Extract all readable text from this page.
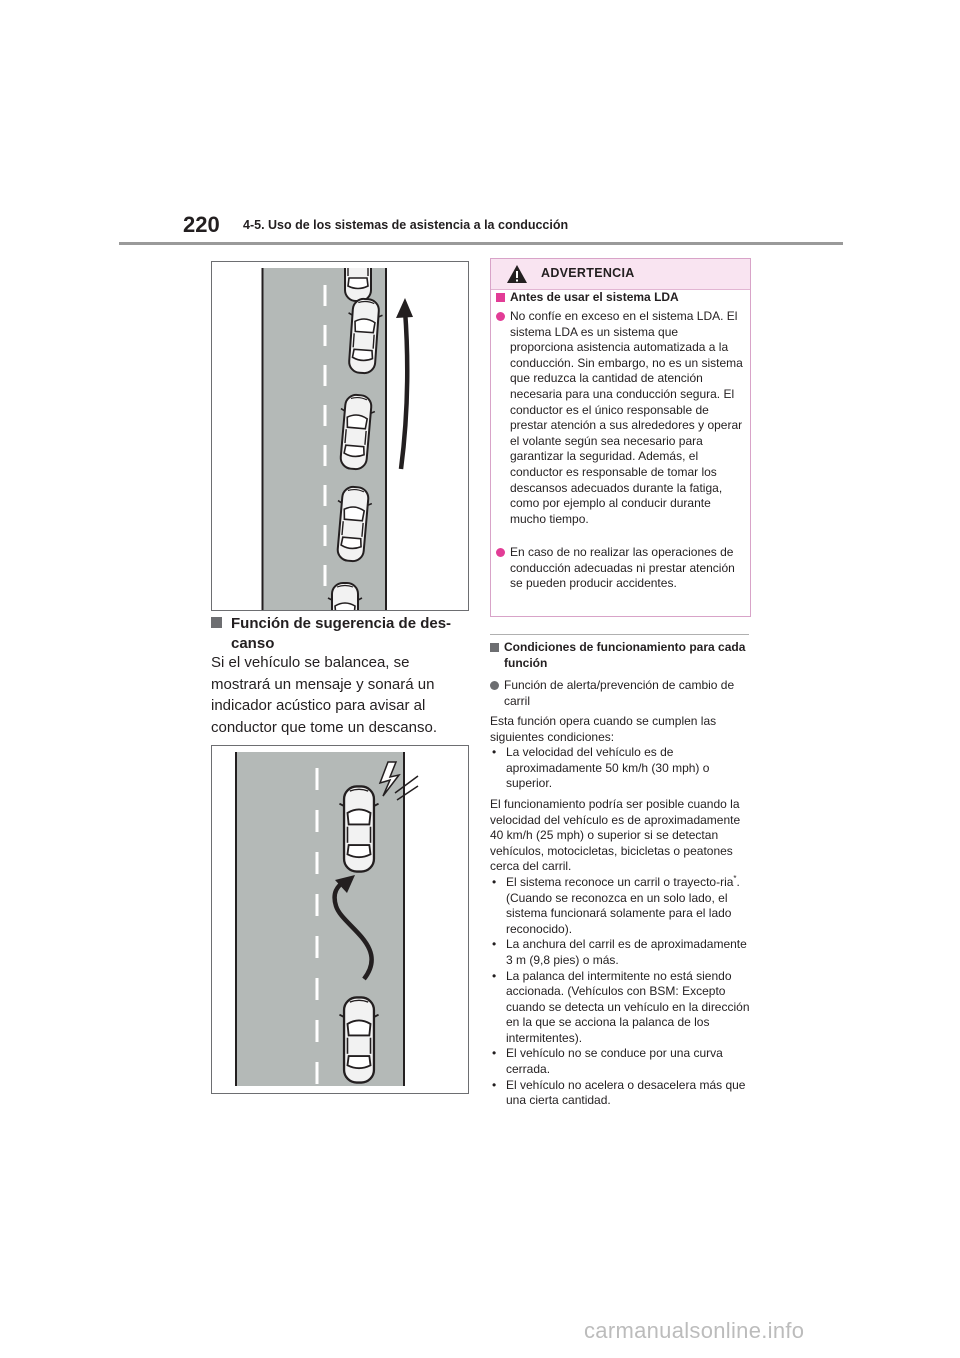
220 4-5. Uso de los sistemas de asistencia a la conducción
Función de sugerencia de des-
canso
Si el vehículo se balancea, se mostrará un mensaje y sonará un indicador acústico para avisar al conductor que tome un descanso.
ADVERTENCIA
Antes de usar el sistema LDA
No confíe en exceso en el sistema LDA. El sistema LDA es un sistema que proporciona asistencia automatizada a la conducción. Sin embargo, no es un sistema que reduzca la cantidad de atención necesaria para una conducción segura. El conductor es el único responsable de prestar atención a sus alrededores y operar el volante según sea necesario para garantizar la seguridad. Además, el conductor es responsable de tomar los descansos adecuados durante la fatiga, como por ejemplo al conducir durante mucho tiempo.
En caso de no realizar las operaciones de conducción adecuadas ni prestar atención se pueden producir accidentes.
Condiciones de funcionamiento para cada función
Función de alerta/prevención de cambio de carril
Esta función opera cuando se cumplen las siguientes condiciones:
• La velocidad del vehículo es de aproximadamente 50 km/h (30 mph) o superior.
El funcionamiento podría ser posible cuando la velocidad del vehículo es de aproximadamente 40 km/h (25 mph) o superior si se detectan vehículos, motocicletas, bicicletas o peatones cerca del carril.
• El sistema reconoce un carril o trayecto-ria*. (Cuando se reconozca en un solo lado, el sistema funcionará solamente para el lado reconocido).
• La anchura del carril es de aproximadamente 3 m (9,8 pies) o más.
• La palanca del intermitente no está siendo accionada. (Vehículos con BSM: Excepto cuando se detecta un vehículo en la dirección en la que se acciona la palanca de los intermitentes).
• El vehículo no se conduce por una curva cerrada.
• El vehículo no acelera o desacelera más que una cierta cantidad.
carmanualsonline.info
